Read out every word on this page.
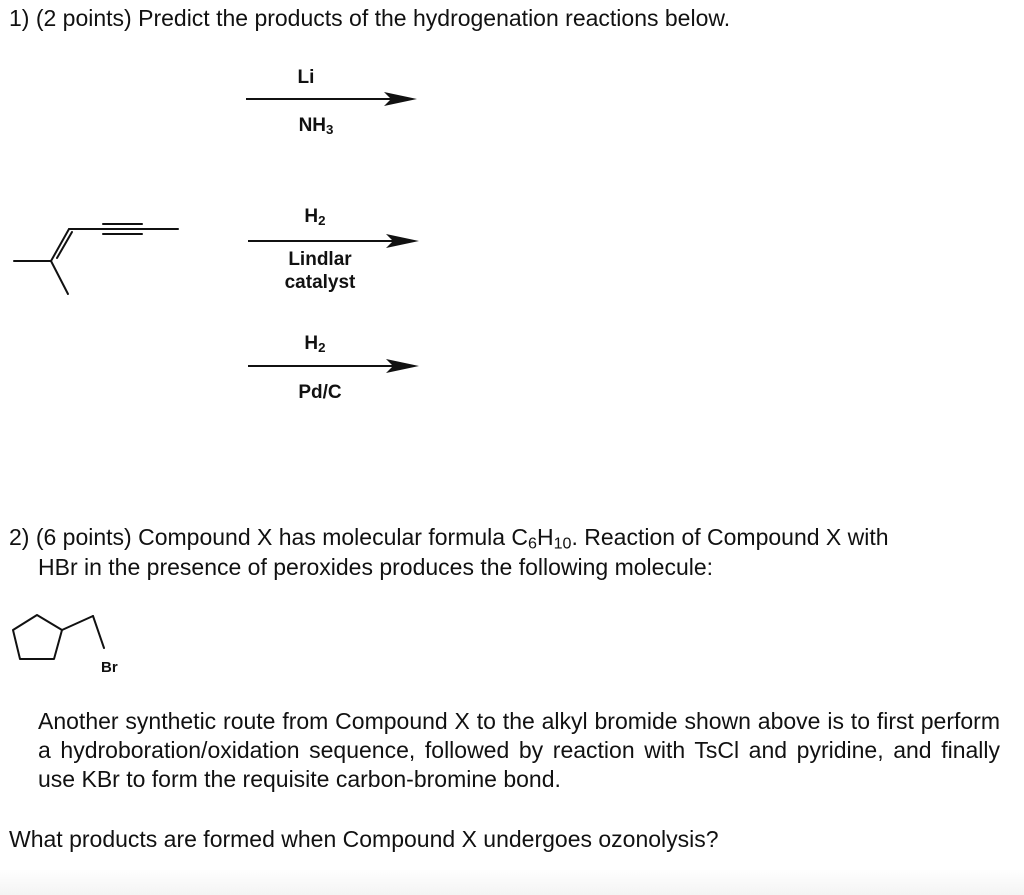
1) (2 points) Predict the products of the hydrogenation reactions below.
Li
$NH_3$
$H_2$
Lindlar
catalyst
$H_2$
Pd/C
2) (6 points) Compound X has molecular formula $C_6H_{10}$. Reaction of Compound X with
HBr in the presence of peroxides produces the following molecule:
Br
Another synthetic route from Compound X to the alkyl bromide shown above is to first perform a hydroboration/oxidation sequence, followed by reaction with TsCl and pyridine, and finally use KBr to form the requisite carbon-bromine bond.
What products are formed when Compound X undergoes ozonolysis?
